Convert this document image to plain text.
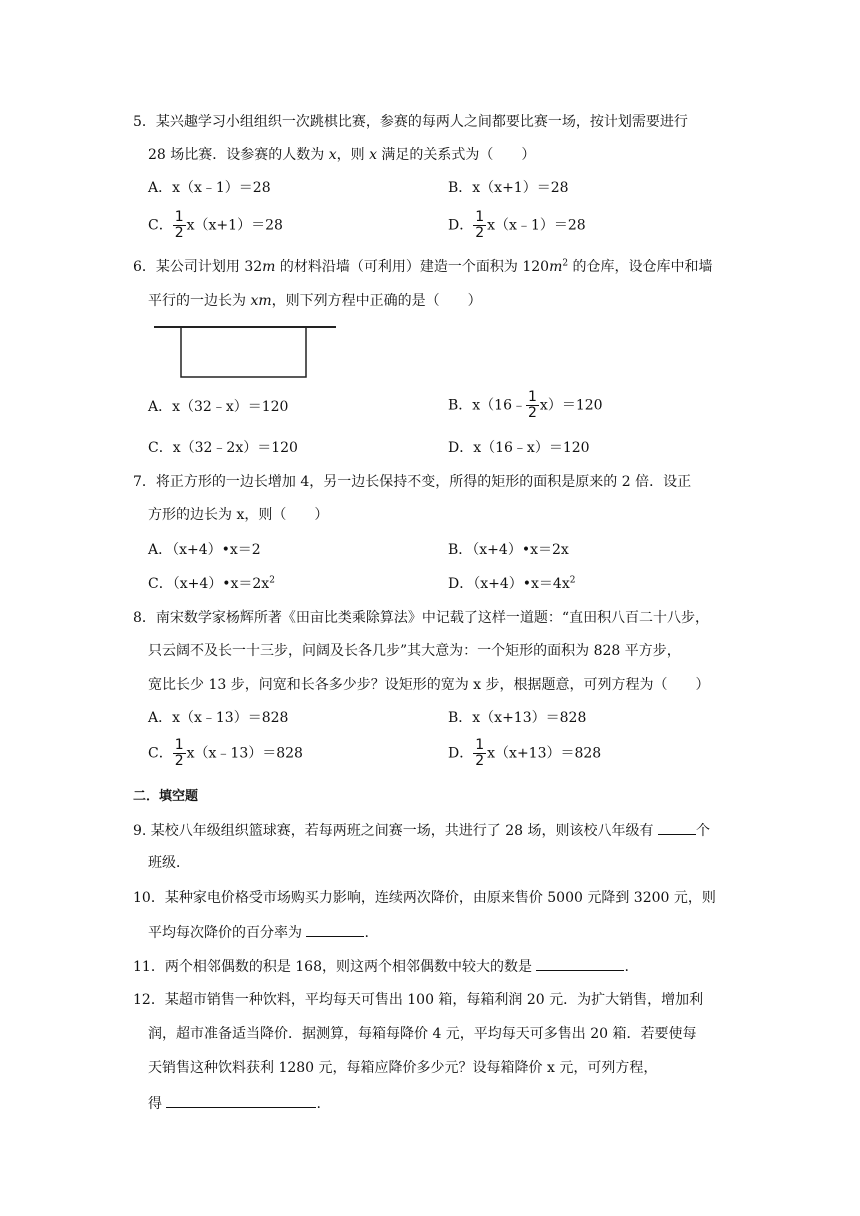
5．某兴趣学习小组组织一次跳棋比赛，参赛的每两人之间都要比赛一场，按计划需要进行
28 场比赛．设参赛的人数为 x，则 x 满足的关系式为（　　）
A．x（x﹣1）＝28	B．x（x+1）＝28
C． $\frac{1}{2} x(x+1)=28$	D． $\frac{1}{2}$ x（x﹣1）＝28
6．某公司计划用 32m 的材料沿墙（可利用）建造一个面积为 $120m^2$ 的仓库，设仓库中和墙
平行的一边长为 xm，则下列方程中正确的是（　　）
A．x（32﹣x）＝120	B．x（16﹣ $\frac{1}{2} x)=120$
C．x（32﹣2x）＝120	D．x（16﹣x）＝120
7．将正方形的一边长增加 4，另一边长保持不变，所得的矩形的面积是原来的 2 倍．设正
方形的边长为 x，则（　　）
A．（x+4）•x＝2	B．（x+4）•x＝2x
C．$(x+4)•x=2x^2$	D．$(x+4)•x=4x^2$
8．南宋数学家杨辉所著《田亩比类乘除算法》中记载了这样一道题：“直田积八百二十八步，
只云阔不及长一十三步，问阔及长各几步”其大意为：一个矩形的面积为 828 平方步，
宽比长少 13 步，问宽和长各多少步？设矩形的宽为 x 步，根据题意，可列方程为（　　）
A．x（x﹣13）＝828	B．x（x+13）＝828
C． $\frac{1}{2}$ x（x﹣13）＝828	D． $\frac{1}{2} x(x+13)=828$
二．填空题
9. 某校八年级组织篮球赛，若每两班之间赛一场，共进行了 28 场，则该校八年级有	个
班级．
10．某种家电价格受市场购买力影响，连续两次降价，由原来售价 5000 元降到 3200 元，则
平均每次降价的百分率为	.
11．两个相邻偶数的积是 168，则这两个相邻偶数中较大的数是	.
12．某超市销售一种饮料，平均每天可售出 100 箱，每箱利润 20 元．为扩大销售，增加利
润，超市准备适当降价．据测算，每箱每降价 4 元，平均每天可多售出 20 箱．若要使每
天销售这种饮料获利 1280 元，每箱应降价多少元？设每箱降价 x 元，可列方程，
得	.
